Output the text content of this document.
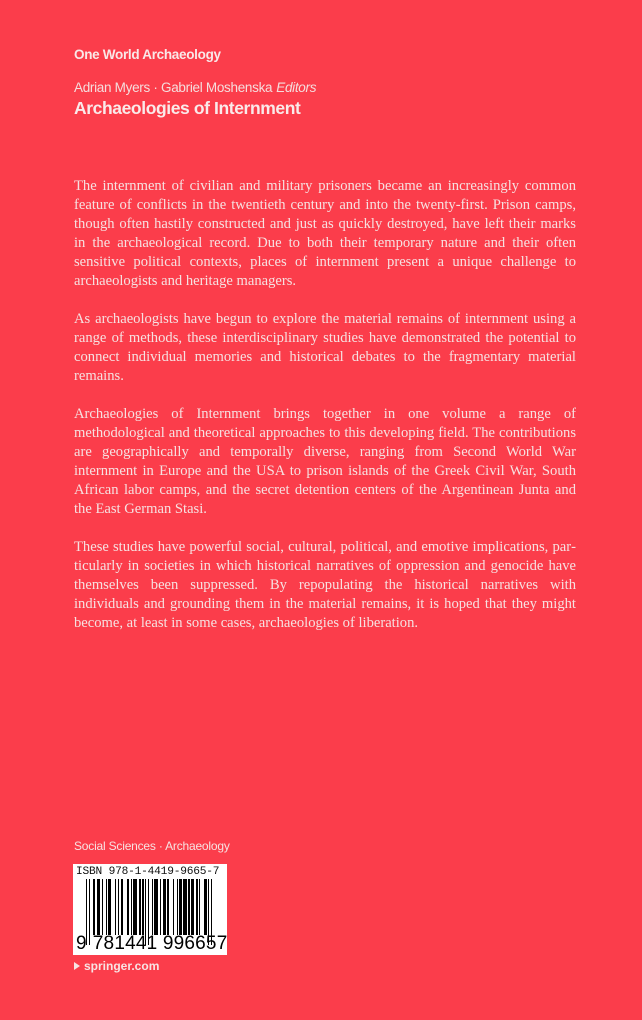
One World Archaeology
Adrian Myers · Gabriel Moshenska Editors
Archaeologies of Internment

The internment of civilian and military prisoners became an increasingly common feature of conflicts in the twentieth century and into the twenty-first. Prison camps, though often hastily constructed and just as quickly destroyed, have left their marks in the archaeological record. Due to both their temporary nature and their often sensitive political contexts, places of internment present a unique challenge to archaeologists and heritage managers.

As archaeologists have begun to explore the material remains of internment using a range of methods, these interdisciplinary studies have demonstrated the potential to connect individual memories and historical debates to the fragmentary material remains.

Archaeologies of Internment brings together in one volume a range of methodological and theoretical approaches to this developing field. The contributions are geographically and temporally diverse, ranging from Second World War internment in Europe and the USA to prison islands of the Greek Civil War, South African labor camps, and the secret detention centers of the Argentinean Junta and the East German Stasi.

These studies have powerful social, cultural, political, and emotive implications, particularly in societies in which historical narratives of oppression and genocide have themselves been suppressed. By repopulating the historical narratives with individuals and grounding them in the material remains, it is hoped that they might become, at least in some cases, archaeologies of liberation.

Social Sciences · Archaeology
ISBN 978-1-4419-9665-7
9 781441 996657
springer.com
